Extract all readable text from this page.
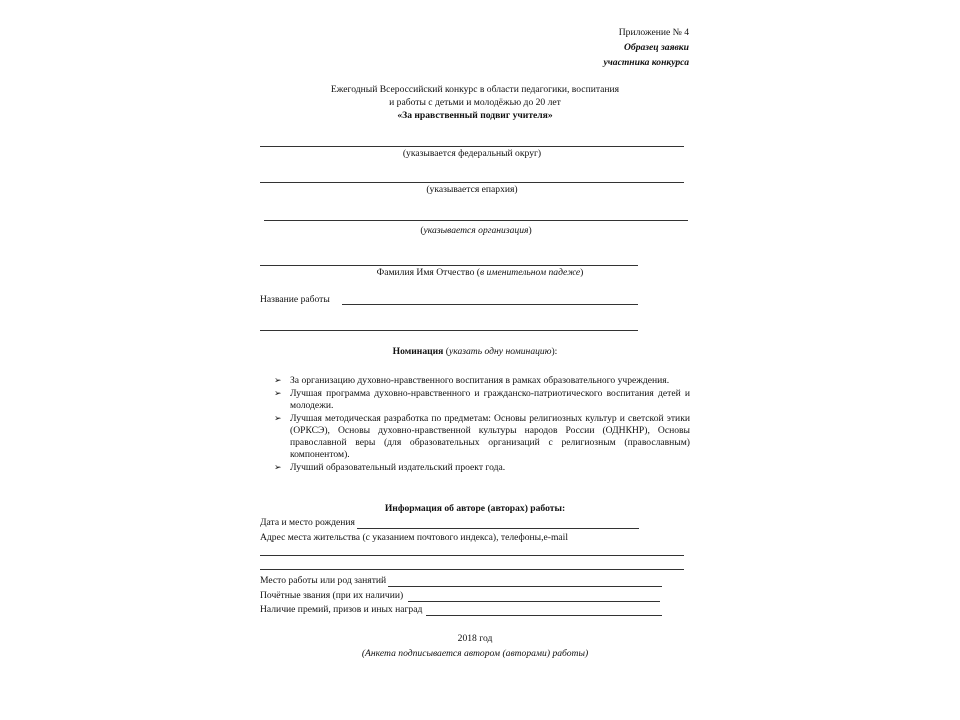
Приложение № 4
Образец заявки
участника конкурса
Ежегодный Всероссийский конкурс в области педагогики, воспитания
и работы с детьми и молодёжью до 20 лет
«За нравственный подвиг учителя»
(указывается федеральный округ)
(указывается епархия)
(указывается организация)
Фамилия Имя Отчество (в именительном падеже)
Название работы
Номинация (указать одну номинацию):
➢ За организацию духовно-нравственного воспитания в рамках образовательного учреждения.
➢ Лучшая программа духовно-нравственного и гражданско-патриотического воспитания детей и молодежи.
➢ Лучшая методическая разработка по предметам: Основы религиозных культур и светской этики (ОРКСЭ), Основы духовно-нравственной культуры народов России (ОДНКНР), Основы православной веры (для образовательных организаций с религиозным (православным) компонентом).
➢ Лучший образовательный издательский проект года.
Информация об авторе (авторах) работы:
Дата и место рождения
Адрес места жительства (с указанием почтового индекса), телефоны,e-mail
Место работы или род занятий
Почётные звания (при их наличии)
Наличие премий, призов и иных наград
2018 год
(Анкета подписывается автором (авторами) работы)
